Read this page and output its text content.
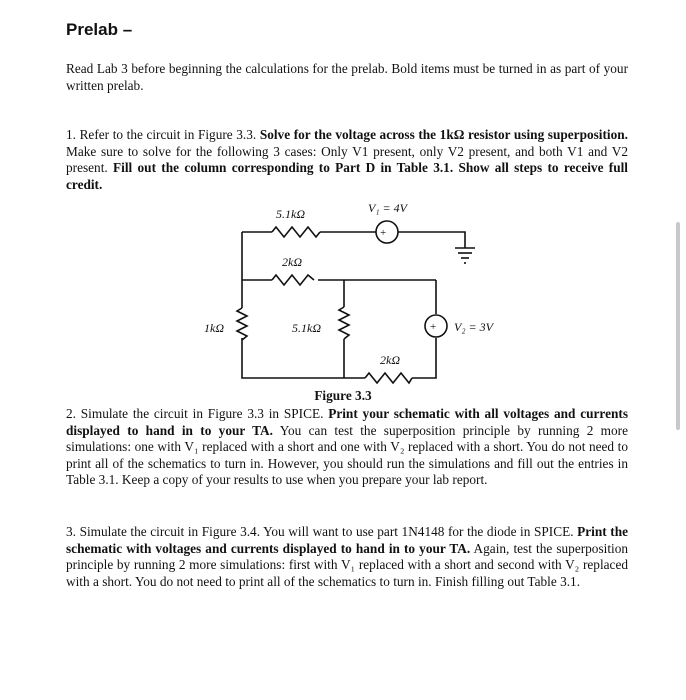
Prelab –
Read Lab 3 before beginning the calculations for the prelab. Bold items must be turned in as part of your written prelab.
1. Refer to the circuit in Figure 3.3. Solve for the voltage across the 1kΩ resistor using superposition. Make sure to solve for the following 3 cases: Only V1 present, only V2 present, and both V1 and V2 present. Fill out the column corresponding to Part D in Table 3.1. Show all steps to receive full credit.
+
+
5.1kΩ	V₁ = 4V
2kΩ
1kΩ	5.1kΩ	V₂ = 3V
2kΩ
Figure 3.3
2. Simulate the circuit in Figure 3.3 in SPICE. Print your schematic with all voltages and currents displayed to hand in to your TA. You can test the superposition principle by running 2 more simulations: one with V₁ replaced with a short and one with V₂ replaced with a short. You do not need to print all of the schematics to turn in. However, you should run the simulations and fill out the entries in Table 3.1. Keep a copy of your results to use when you prepare your lab report.
3. Simulate the circuit in Figure 3.4. You will want to use part 1N4148 for the diode in SPICE. Print the schematic with voltages and currents displayed to hand in to your TA. Again, test the superposition principle by running 2 more simulations: first with V₁ replaced with a short and second with V₂ replaced with a short. You do not need to print all of the schematics to turn in. Finish filling out Table 3.1.
